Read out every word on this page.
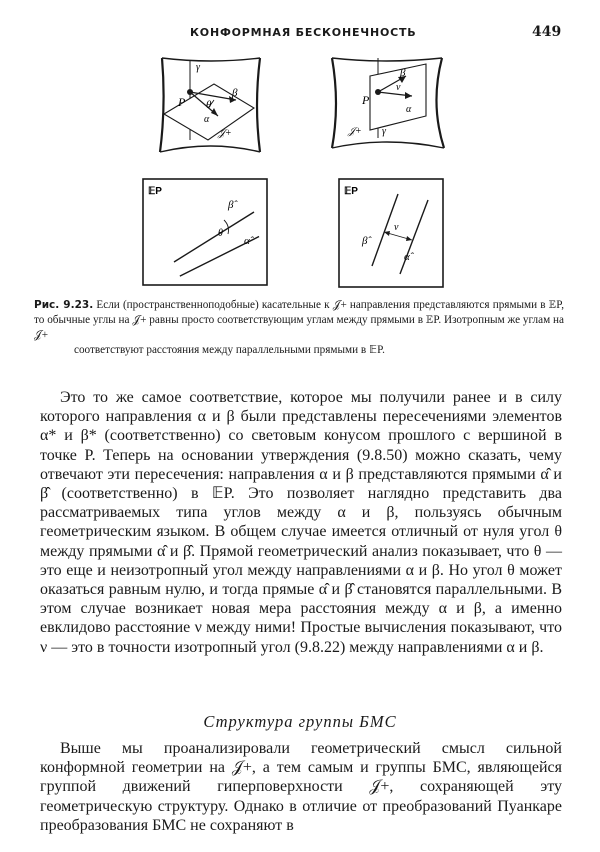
КОНФОРМНАЯ БЕСКОНЕЧНОСТЬ	449
γ
P θ
α
β
𝒥+
β
ν
α
P
𝒥+ γ
𝔼P
β̂
θ
α̂
𝔼P
β̂
ν
α̂
Рис. 9.23. Если (пространственноподобные) касательные к 𝒥+ направления представляются прямыми в 𝔼P, то обычные углы на 𝒥+ равны просто соответствующим углам между прямыми в 𝔼P. Изотропным же углам на 𝒥+
соответствуют расстояния между параллельными прямыми в 𝔼P.

Это то же самое соответствие, которое мы получили ранее и в силу которого направления α и β были представлены пересечениями элементов α* и β* (соответственно) со световым конусом прошлого с вершиной в точке P. Теперь на основании утверждения (9.8.50) можно сказать, чему отвечают эти пересечения: направления α и β представляются прямыми α̂ и β̂ (соответственно) в 𝔼P. Это позволяет наглядно представить два рассматриваемых типа углов между α и β, пользуясь обычным геометрическим языком. В общем случае имеется отличный от нуля угол θ между прямыми α̂ и β̂. Прямой геометрический анализ показывает, что θ — это еще и неизотропный угол между направлениями α и β. Но угол θ может оказаться равным нулю, и тогда прямые α̂ и β̂ становятся параллельными. В этом случае возникает новая мера расстояния между α и β, а именно евклидово расстояние ν между ними! Простые вычисления показывают, что ν — это в точности изотропный угол (9.8.22) между направлениями α и β.

Структура группы БМС

Выше мы проанализировали геометрический смысл сильной конформной геометрии на 𝒥+, а тем самым и группы БМС, являющейся группой движений гиперповерхности 𝒥+, сохраняющей эту геометрическую структуру. Однако в отличие от преобразований Пуанкаре преобразования БМС не сохраняют в
